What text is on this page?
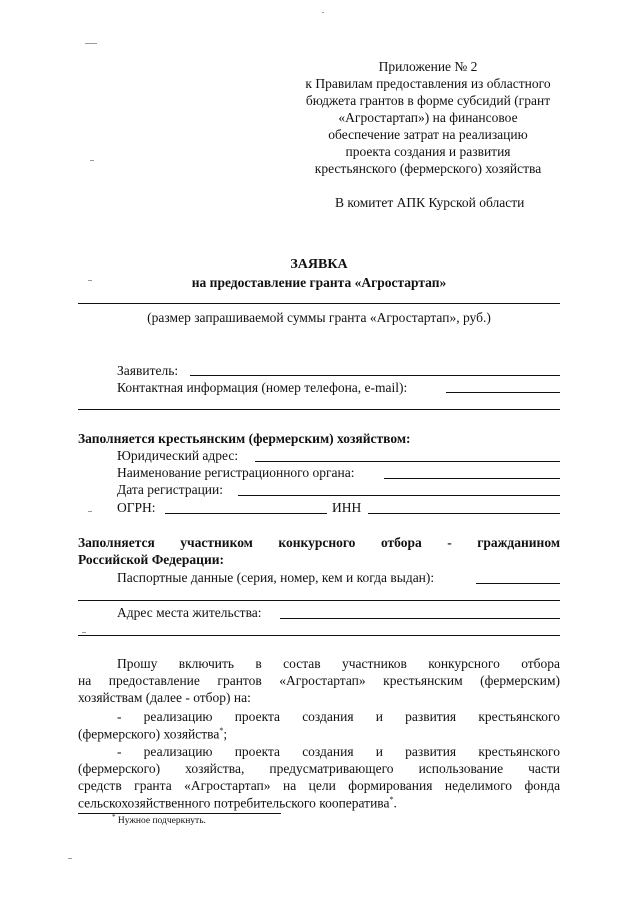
Приложение № 2
к Правилам предоставления из областного
бюджета грантов в форме субсидий (грант
«Агростартап») на финансовое
обеспечение затрат на реализацию
проекта создания и развития
крестьянского (фермерского) хозяйства
В комитет АПК Курской области
ЗАЯВКА
на предоставление гранта «Агростартап»
(размер запрашиваемой суммы гранта «Агростартап», руб.)
Заявитель:
Контактная информация (номер телефона, e-mail):
Заполняется крестьянским (фермерским) хозяйством:
Юридический адрес:
Наименование регистрационного органа:
Дата регистрации:
ОГРН:	ИНН
Заполняется участником конкурсного отбора - гражданином
Российской Федерации:
Паспортные данные (серия, номер, кем и когда выдан):
Адрес места жительства:
Прошу включить в состав участников конкурсного отбора
на предоставление грантов «Агростартап» крестьянским (фермерским)
хозяйствам (далее - отбор) на:
- реализацию проекта создания и развития крестьянского
(фермерского) хозяйства*;
- реализацию проекта создания и развития крестьянского
(фермерского) хозяйства, предусматривающего использование части
средств гранта «Агростартап» на цели формирования неделимого фонда
сельскохозяйственного потребительского кооператива*.
* Нужное подчеркнуть.
